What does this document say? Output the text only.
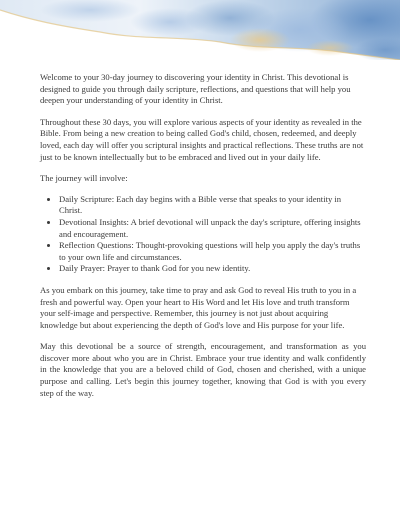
Welcome to your 30-day journey to discovering your identity in Christ. This devotional is designed to guide you through daily scripture, reflections, and questions that will help you deepen your understanding of your identity in Christ.

Throughout these 30 days, you will explore various aspects of your identity as revealed in the Bible. From being a new creation to being called God's child, chosen, redeemed, and deeply loved, each day will offer you scriptural insights and practical reflections. These truths are not just to be known intellectually but to be embraced and lived out in your daily life.

The journey will involve:

• Daily Scripture: Each day begins with a Bible verse that speaks to your identity in Christ.
• Devotional Insights: A brief devotional will unpack the day's scripture, offering insights and encouragement.
• Reflection Questions: Thought-provoking questions will help you apply the day's truths to your own life and circumstances.
• Daily Prayer: Prayer to thank God for you new identity.

As you embark on this journey, take time to pray and ask God to reveal His truth to you in a fresh and powerful way. Open your heart to His Word and let His love and truth transform your self-image and perspective. Remember, this journey is not just about acquiring knowledge but about experiencing the depth of God's love and His purpose for your life.

May this devotional be a source of strength, encouragement, and transformation as you discover more about who you are in Christ. Embrace your true identity and walk confidently in the knowledge that you are a beloved child of God, chosen and cherished, with a unique purpose and calling. Let's begin this journey together, knowing that God is with you every step of the way.
